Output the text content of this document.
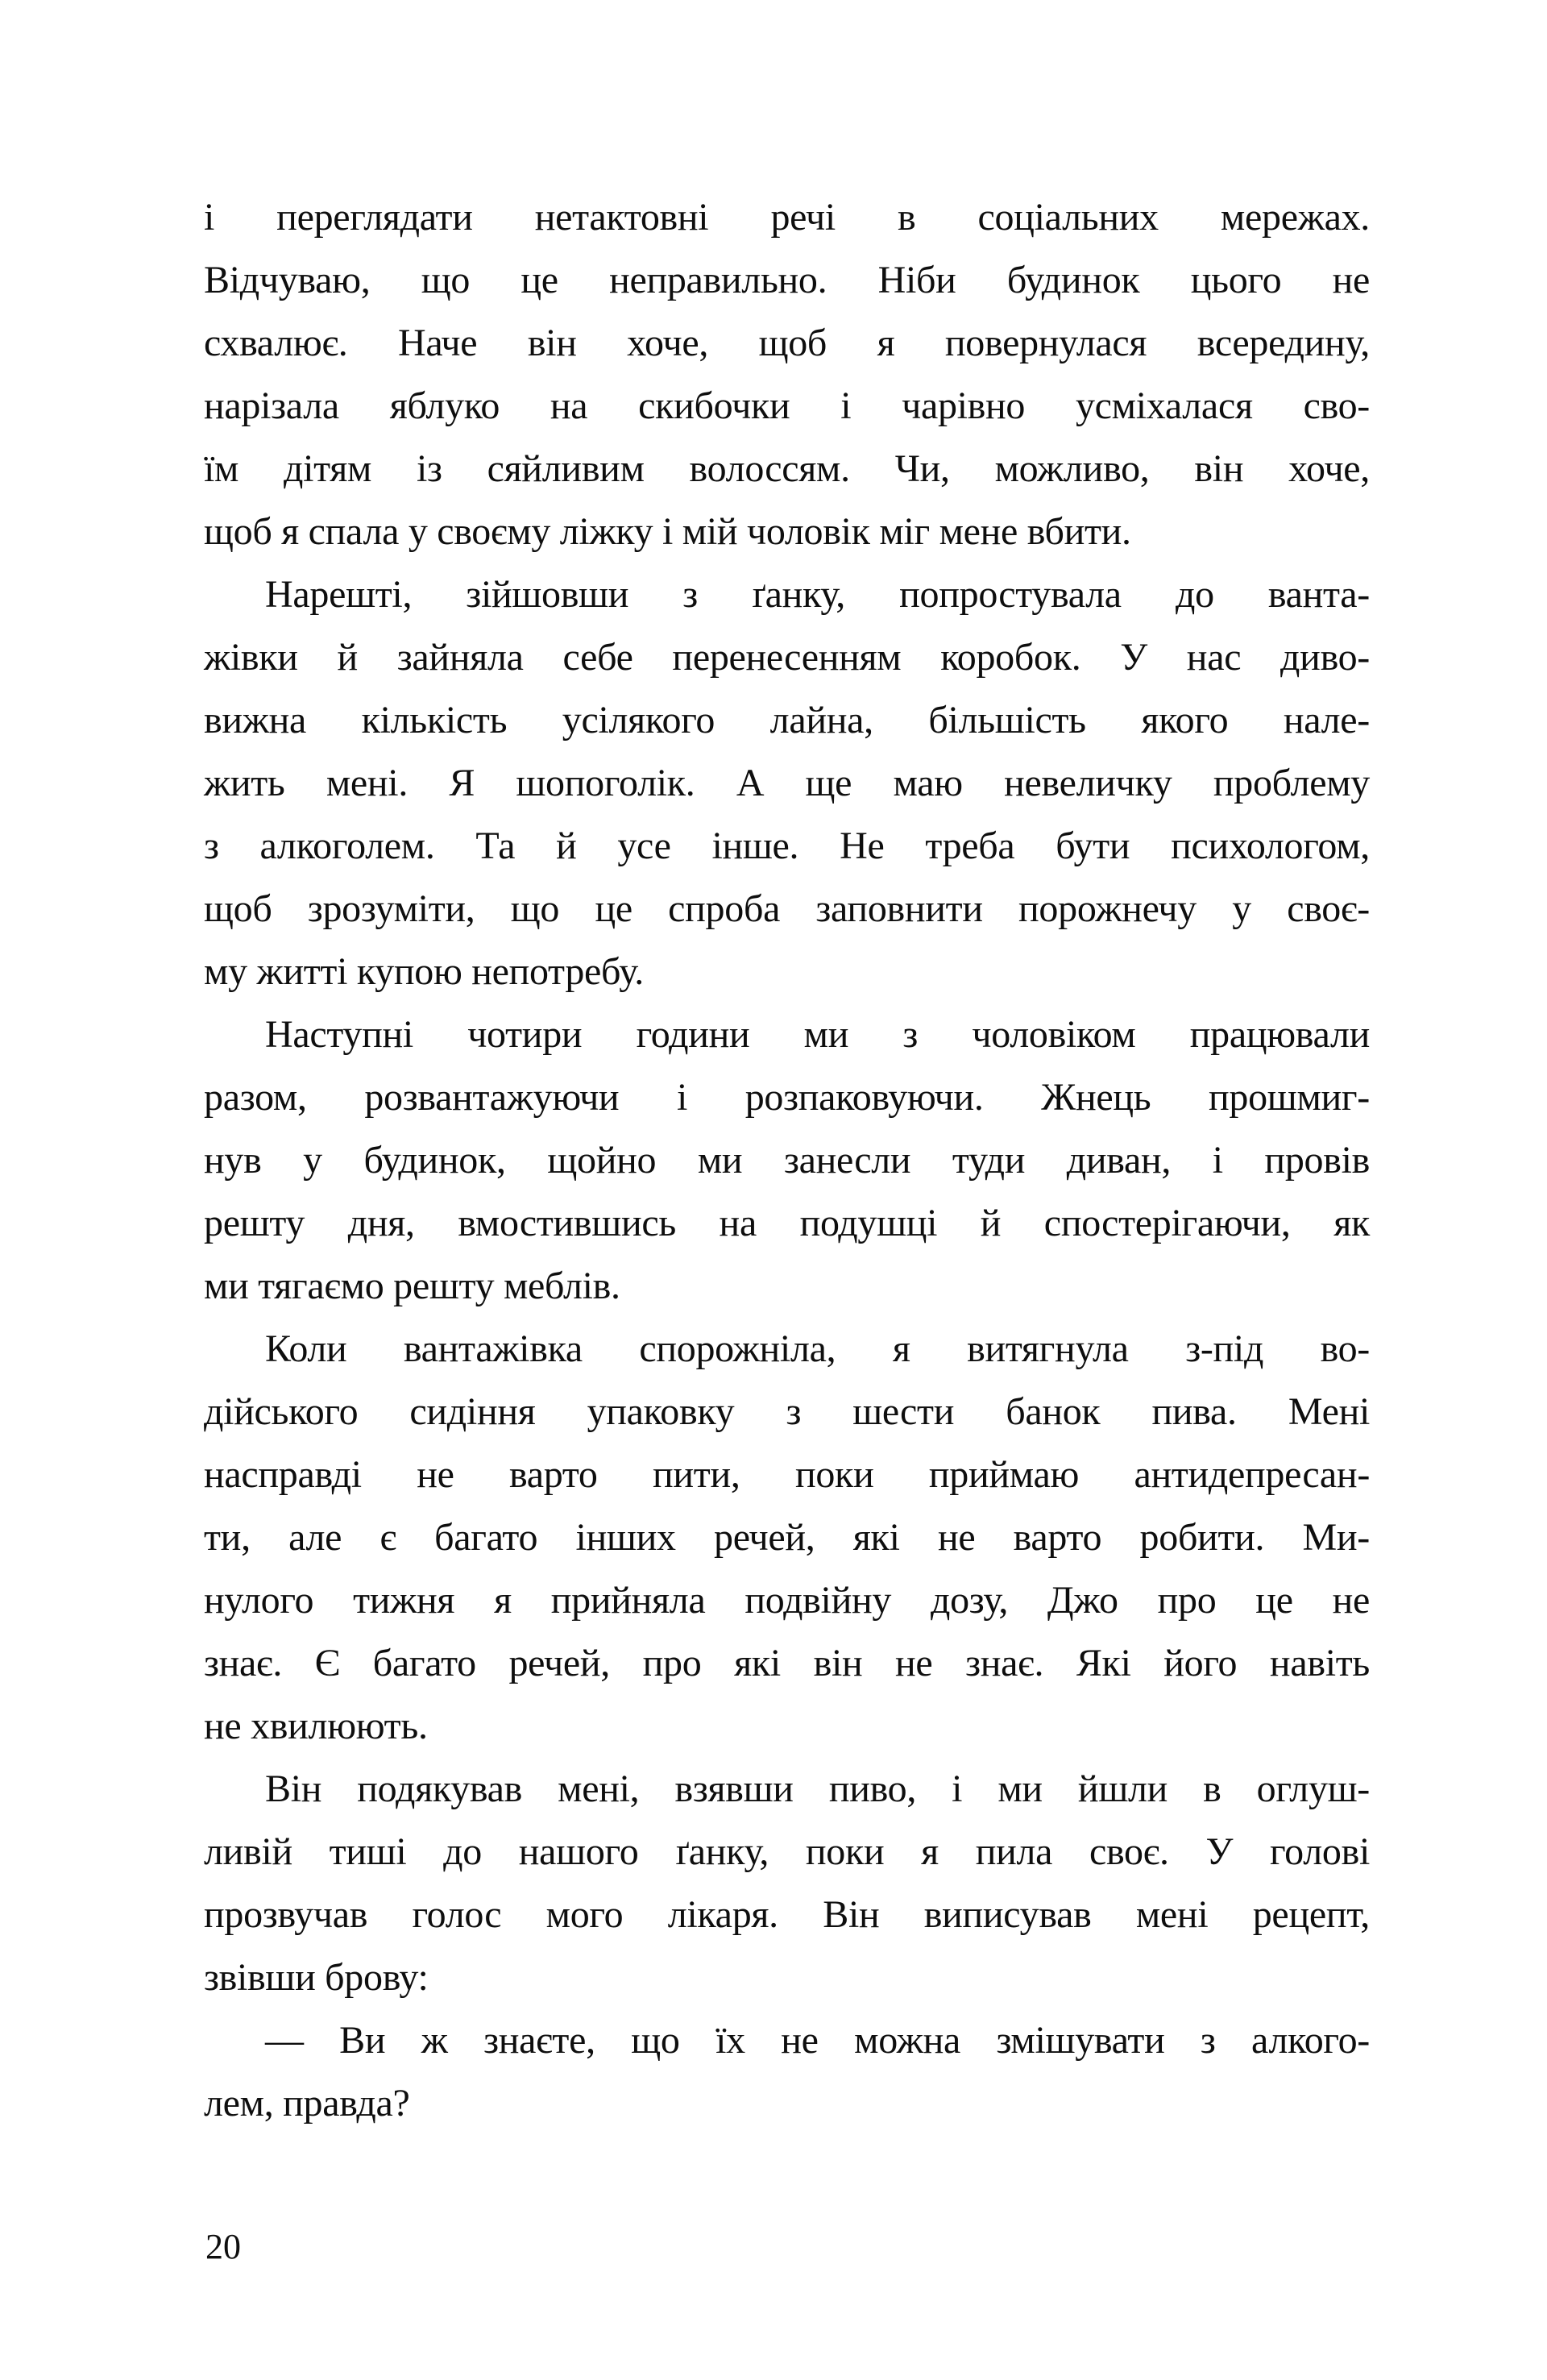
і переглядати нетактовні речі в соціальних мережах.
Відчуваю, що це неправильно. Ніби будинок цього не
схвалює. Наче він хоче, щоб я повернулася всередину,
нарізала яблуко на скибочки і чарівно усміхалася сво-
їм дітям із сяйливим волоссям. Чи, можливо, він хоче,
щоб я спала у своєму ліжку і мій чоловік міг мене вбити.
Нарешті, зійшовши з ґанку, попростувала до ванта-
жівки й зайняла себе перенесенням коробок. У нас диво-
вижна кількість усілякого лайна, більшість якого нале-
жить мені. Я шопоголік. А ще маю невеличку проблему
з алкоголем. Та й усе інше. Не треба бути психологом,
щоб зрозуміти, що це спроба заповнити порожнечу у своє-
му житті купою непотребу.
Наступні чотири години ми з чоловіком працювали
разом, розвантажуючи і розпаковуючи. Жнець прошмиг-
нув у будинок, щойно ми занесли туди диван, і провів
решту дня, вмостившись на подушці й спостерігаючи, як
ми тягаємо решту меблів.
Коли вантажівка спорожніла, я витягнула з-під во-
дійського сидіння упаковку з шести банок пива. Мені
насправді не варто пити, поки приймаю антидепресан-
ти, але є багато інших речей, які не варто робити. Ми-
нулого тижня я прийняла подвійну дозу, Джо про це не
знає. Є багато речей, про які він не знає. Які його навіть
не хвилюють.
Він подякував мені, взявши пиво, і ми йшли в оглуш-
ливій тиші до нашого ґанку, поки я пила своє. У голові
прозвучав голос мого лікаря. Він виписував мені рецепт,
звівши брову:
— Ви ж знаєте, що їх не можна змішувати з алкого-
лем, правда?
20
